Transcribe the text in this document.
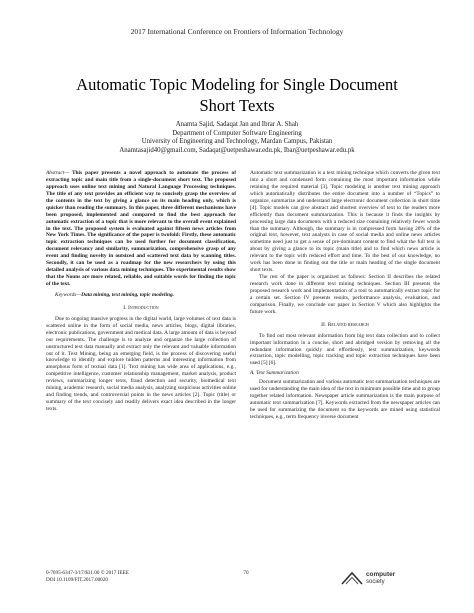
2017 International Conference on Frontiers of Information Technology
Automatic Topic Modeling for Single Document
Short Texts
Anamta Sajid, Sadaqat Jan and Ibrar A. Shah
Department of Computer Software Engineering
University of Engineering and Technology, Mardan Campus, Pakistan
Anamtasajid40@gmail.com, Sadaqat@uetpeshawar.edu.pk, Ibar@uetpeshawar.edu.pk

Abstract— This paper presents a novel approach to automate the process of extracting topic and main title from a single-document short text. The proposed approach uses online text mining and Natural Language Processing techniques. The title of any text provides an efficient way to concisely grasp the overview of the contents in the text by giving a glance on its main heading only, which is quicker than reading the summary. In this paper, three different mechanisms have been proposed, implemented and compared to find the best approach for automatic extraction of a topic that is more relevant to the overall event explained in the text. The proposed system is evaluated against fifteen news articles from New York Times. The significance of the paper is twofold: Firstly, these automatic topic extraction techniques can be used further for document classification, document relevancy and similarity, summarization, comprehensive grasp of any event and finding novelty in outsized and scattered text data by scanning titles. Secondly, it can be used as a roadmap for the new researchers by using this detailed analysis of various data mining techniques. The experimental results show that the Nouns are more related, reliable, and suitable words for finding the topic of the text.

Keywords—Data mining, text mining, topic modeling.

I. Introduction

Due to ongoing massive progress in the digital world, large volumes of text data is scattered online in the form of social media, news articles, blogs, digital libraries, electronic publications, government and medical data. A large amount of data is beyond our requirements. The challenge is to analyze and organize the large collection of unstructured text data manually and extract only the relevant and valuable information out of it. Text Mining, being an emerging field, is the process of discovering useful knowledge to identify and explore hidden patterns and interesting information from amorphous form of textual data [1]. Text mining has wide area of applications, e.g., competitive intelligence, customer relationship management, market analysis, product reviews, summarizing longer texts, fraud detection and security, biomedical text mining, academic research, social media analysis, analyzing suspicious activities online and finding trends, and controversial points in the news articles [2]. Topic (title) or summary of the text concisely and readily delivers exact idea described in the longer texts.

Automatic text summarization is a text mining technique which converts the given text into a short and condensed form containing the most important information while retaining the required material [3]. Topic modeling is another text mining approach which automatically distributes the entire document into a number of “Topics” to organize, summarize and understand large electronic document collection in short time [4]. Topic models can give abstract and shortest overview of text to the readers more efficiently than document summarization. This is because it finds the insights by processing large data documents with a reduced size containing relatively fewer words than the summary. Although, the summary is in compressed form having 20% of the original text, however, text analysts in case of social media and online news articles sometime need just to get a sense of pre-dominant content to find what the full text is about by giving a glance to its topic (main title) and to find which news article is relevant to the topic with reduced effort and time. To the best of our knowledge, no work has been done in finding out the title or main heading of the single document short texts.

The rest of the paper is organized as follows: Section II describes the related research work done in different text mining techniques. Section III presents the proposed research work and implementation of a tool to automatically extract topic for a certain set. Section IV presents results, performance analysis, evaluation, and comparison. Finally, we conclude our paper in Section V which also highlights the future work.

II. Related research

To find out most relevant information from big text data collection and to collect important information in a concise, short and abridged version by removing all the redundant information quickly and effortlessly, text summarization, keywords extraction, topic modelling, topic tracking and topic extraction techniques have been used [5] [6].

A. Text Summarization

Document summarization and various automatic text summarization techniques are used for understanding the main idea of the text in minimum possible time and to group together related information. Newspaper article summarization is the main purpose of automatic text summarization [7]. Keywords extracted from the newspaper articles can be used for summarizing the document so the keywords are mined using statistical techniques, e.g., term frequency inverse document

0-7695-6347-3/17/$31.00 © 2017 IEEE
DOI 10.1109/FIT.2017.00020
70	computer
society
